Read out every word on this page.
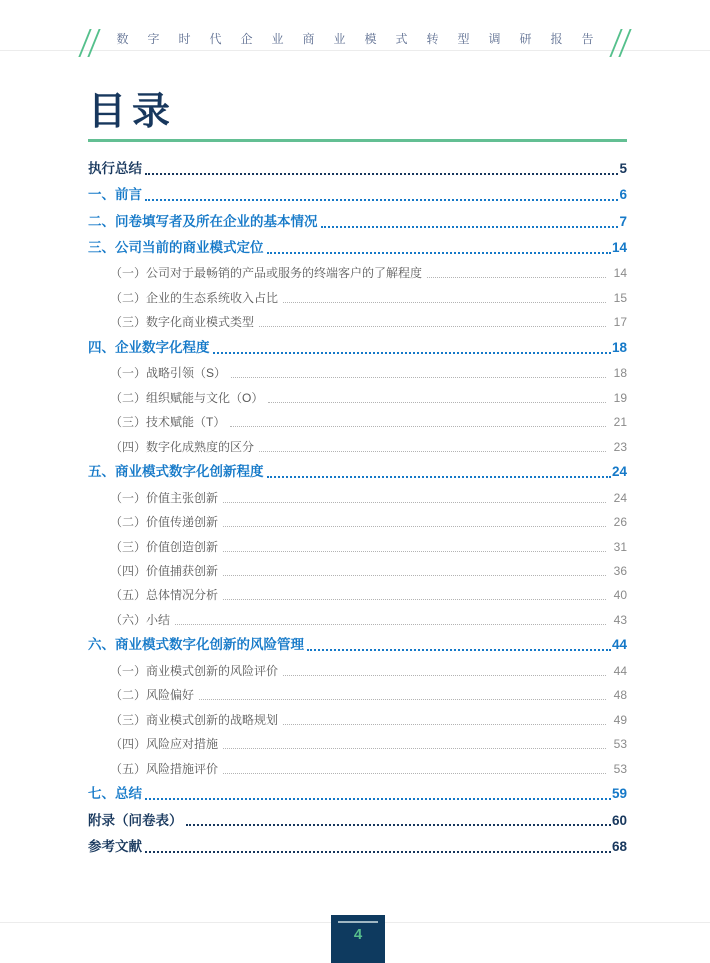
数字时代企业商业模式转型调研报告
目录
执行总结	5
一、前言	6
二、问卷填写者及所在企业的基本情况	7
三、公司当前的商业模式定位	14
（一）公司对于最畅销的产品或服务的终端客户的了解程度	14
（二）企业的生态系统收入占比	15
（三）数字化商业模式类型	17
四、企业数字化程度	18
（一）战略引领（S）	18
（二）组织赋能与文化（O）	19
（三）技术赋能（T）	21
（四）数字化成熟度的区分	23
五、商业模式数字化创新程度	24
（一）价值主张创新	24
（二）价值传递创新	26
（三）价值创造创新	31
（四）价值捕获创新	36
（五）总体情况分析	40
（六）小结	43
六、商业模式数字化创新的风险管理	44
（一）商业模式创新的风险评价	44
（二）风险偏好	48
（三）商业模式创新的战略规划	49
（四）风险应对措施	53
（五）风险措施评价	53
七、总结	59
附录（问卷表）	60
参考文献	68
4
